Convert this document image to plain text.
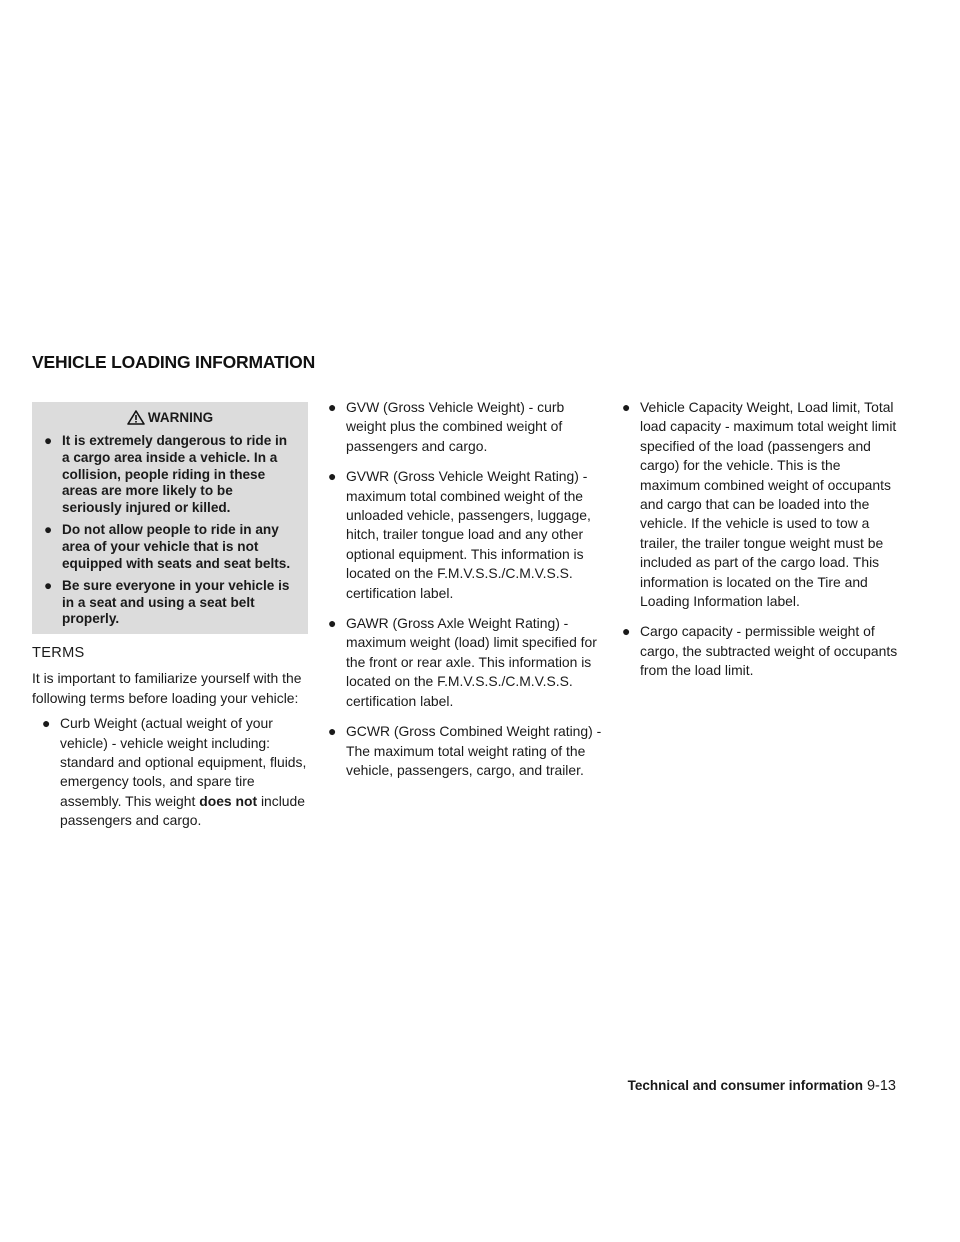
VEHICLE LOADING INFORMATION
WARNING

● It is extremely dangerous to ride in a cargo area inside a vehicle. In a collision, people riding in these areas are more likely to be seriously injured or killed.

● Do not allow people to ride in any area of your vehicle that is not equipped with seats and seat belts.

● Be sure everyone in your vehicle is in a seat and using a seat belt properly.

TERMS

It is important to familiarize yourself with the following terms before loading your vehicle:

● Curb Weight (actual weight of your vehicle) - vehicle weight including: standard and optional equipment, fluids, emergency tools, and spare tire assembly. This weight does not include passengers and cargo.
● GVW (Gross Vehicle Weight) - curb weight plus the combined weight of passengers and cargo.
● GVWR (Gross Vehicle Weight Rating) - maximum total combined weight of the unloaded vehicle, passengers, luggage, hitch, trailer tongue load and any other optional equipment. This information is located on the F.M.V.S.S./C.M.V.S.S. certification label.
● GAWR (Gross Axle Weight Rating) - maximum weight (load) limit specified for the front or rear axle. This information is located on the F.M.V.S.S./C.M.V.S.S. certification label.
● GCWR (Gross Combined Weight rating) - The maximum total weight rating of the vehicle, passengers, cargo, and trailer.
● Vehicle Capacity Weight, Load limit, Total load capacity - maximum total weight limit specified of the load (passengers and cargo) for the vehicle. This is the maximum combined weight of occupants and cargo that can be loaded into the vehicle. If the vehicle is used to tow a trailer, the trailer tongue weight must be included as part of the cargo load. This information is located on the Tire and Loading Information label.
● Cargo capacity - permissible weight of cargo, the subtracted weight of occupants from the load limit.
Technical and consumer information 9-13
